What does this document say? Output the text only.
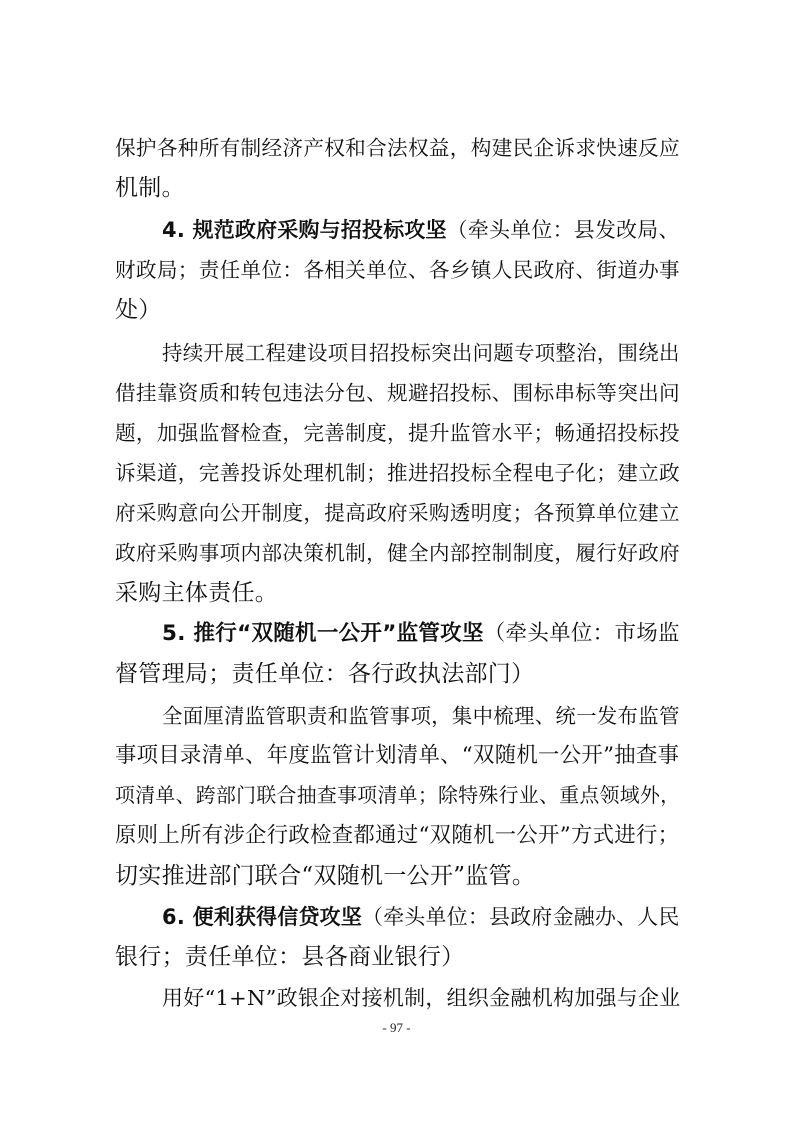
保护各种所有制经济产权和合法权益，构建民企诉求快速反应
机制。
4. 规范政府采购与招投标攻坚（牵头单位：县发改局、
财政局；责任单位：各相关单位、各乡镇人民政府、街道办事
处）
持续开展工程建设项目招投标突出问题专项整治，围绕出
借挂靠资质和转包违法分包、规避招投标、围标串标等突出问
题，加强监督检查，完善制度，提升监管水平；畅通招投标投
诉渠道，完善投诉处理机制；推进招投标全程电子化；建立政
府采购意向公开制度，提高政府采购透明度；各预算单位建立
政府采购事项内部决策机制，健全内部控制制度，履行好政府
采购主体责任。
5. 推行“双随机一公开”监管攻坚（牵头单位：市场监
督管理局；责任单位：各行政执法部门）
全面厘清监管职责和监管事项，集中梳理、统一发布监管
事项目录清单、年度监管计划清单、“双随机一公开”抽查事
项清单、跨部门联合抽查事项清单；除特殊行业、重点领域外，
原则上所有涉企行政检查都通过“双随机一公开”方式进行；
切实推进部门联合“双随机一公开”监管。
6. 便利获得信贷攻坚（牵头单位：县政府金融办、人民
银行；责任单位：县各商业银行）
用好“1+N”政银企对接机制，组织金融机构加强与企业
- 97 -
